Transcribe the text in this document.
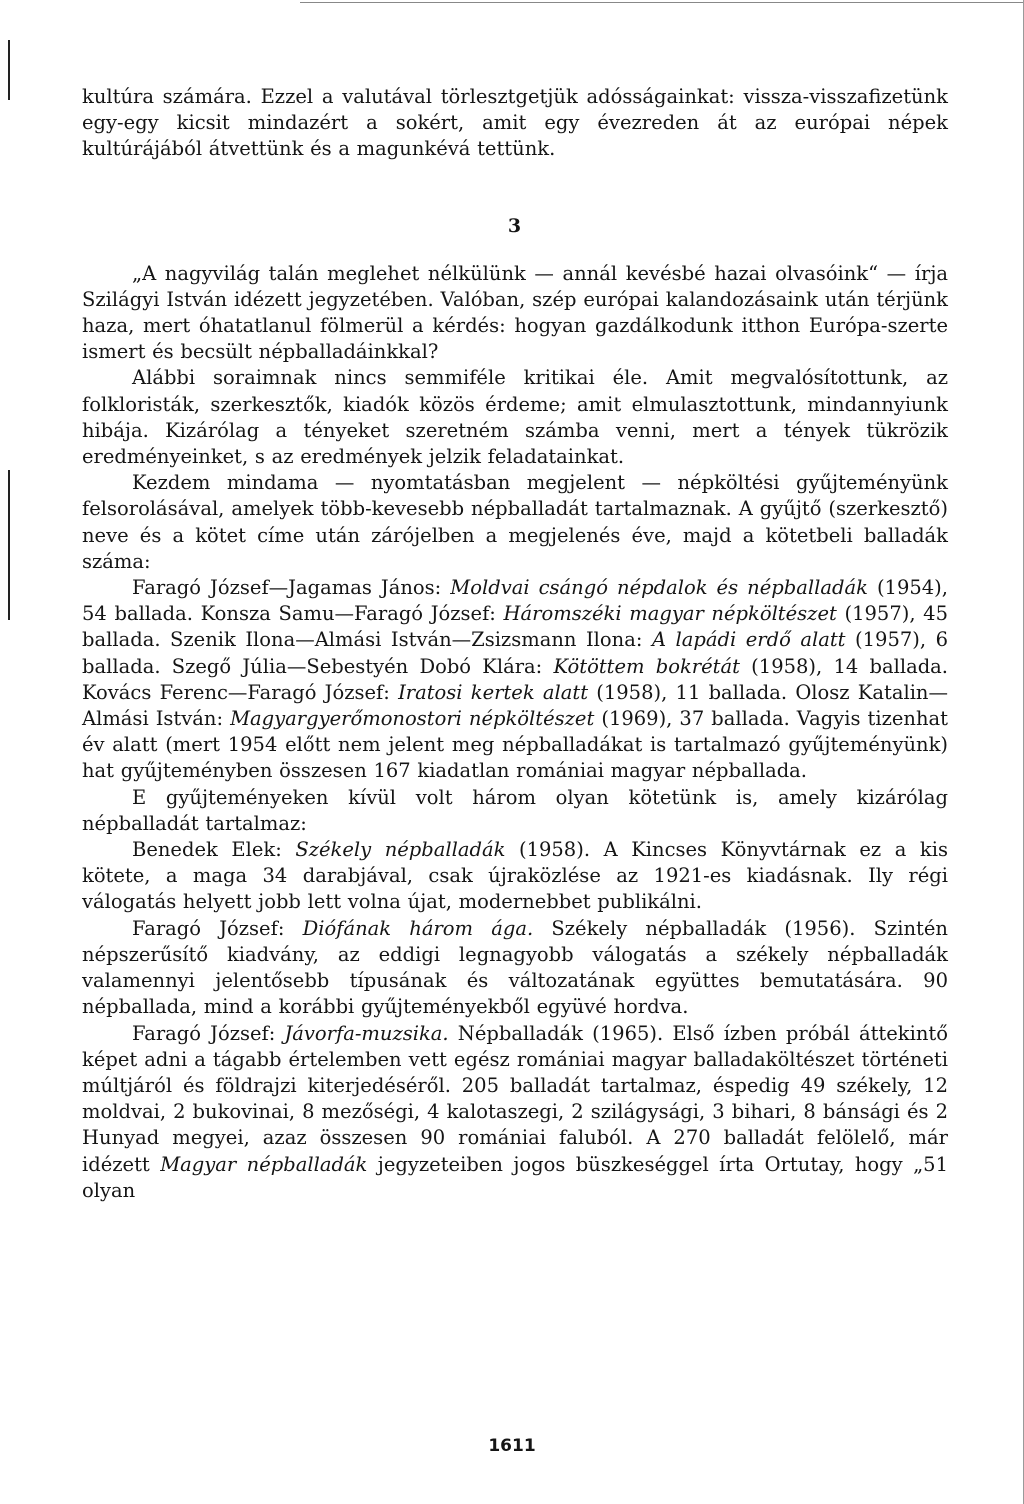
kultúra számára. Ezzel a valutával törlesztgetjük adósságainkat: vissza-visszafizetünk egy-egy kicsit mindazért a sokért, amit egy évezreden át az európai népek kultúrájából átvettünk és a magunkévá tettünk.

3

„A nagyvilág talán meglehet nélkülünk — annál kevésbé hazai olvasóink“ — írja Szilágyi István idézett jegyzetében. Valóban, szép európai kalandozásaink után térjünk haza, mert óhatatlanul fölmerül a kérdés: hogyan gazdálkodunk itthon Európa-szerte ismert és becsült népballadáinkkal?

Alábbi soraimnak nincs semmiféle kritikai éle. Amit megvalósítottunk, az folkloristák, szerkesztők, kiadók közös érdeme; amit elmulasztottunk, mindannyiunk hibája. Kizárólag a tényeket szeretném számba venni, mert a tények tükrözik eredményeinket, s az eredmények jelzik feladatainkat.

Kezdem mindama — nyomtatásban megjelent — népköltési gyűjteményünk felsorolásával, amelyek több-kevesebb népballadát tartalmaznak. A gyűjtő (szerkesztő) neve és a kötet címe után zárójelben a megjelenés éve, majd a kötetbeli balladák száma:

Faragó József—Jagamas János: Moldvai csángó népdalok és népballadák (1954), 54 ballada. Konsza Samu—Faragó József: Háromszéki magyar népköltészet (1957), 45 ballada. Szenik Ilona—Almási István—Zsizsmann Ilona: A lapádi erdő alatt (1957), 6 ballada. Szegő Júlia—Sebestyén Dobó Klára: Kötöttem bokrétát (1958), 14 ballada. Kovács Ferenc—Faragó József: Iratosi kertek alatt (1958), 11 ballada. Olosz Katalin—Almási István: Magyargyerőmonostori népköltészet (1969), 37 ballada. Vagyis tizenhat év alatt (mert 1954 előtt nem jelent meg népballadákat is tartalmazó gyűjteményünk) hat gyűjteményben összesen 167 kiadatlan romániai magyar népballada.

E gyűjteményeken kívül volt három olyan kötetünk is, amely kizárólag népballadát tartalmaz:

Benedek Elek: Székely népballadák (1958). A Kincses Könyvtárnak ez a kis kötete, a maga 34 darabjával, csak újraközlése az 1921-es kiadásnak. Ily régi válogatás helyett jobb lett volna újat, modernebbet publikálni.

Faragó József: Diófának három ága. Székely népballadák (1956). Szintén népszerűsítő kiadvány, az eddigi legnagyobb válogatás a székely népballadák valamennyi jelentősebb típusának és változatának együttes bemutatására. 90 népballada, mind a korábbi gyűjteményekből együvé hordva.

Faragó József: Jávorfa-muzsika. Népballadák (1965). Első ízben próbál áttekintő képet adni a tágabb értelemben vett egész romániai magyar balladaköltészet történeti múltjáról és földrajzi kiterjedéséről. 205 balladát tartalmaz, éspedig 49 székely, 12 moldvai, 2 bukovinai, 8 mezőségi, 4 kalotaszegi, 2 szilágysági, 3 bihari, 8 bánsági és 2 Hunyad megyei, azaz összesen 90 romániai faluból. A 270 balladát felölelő, már idézett Magyar népballadák jegyzeteiben jogos büszkeséggel írta Ortutay, hogy „51 olyan

1611
